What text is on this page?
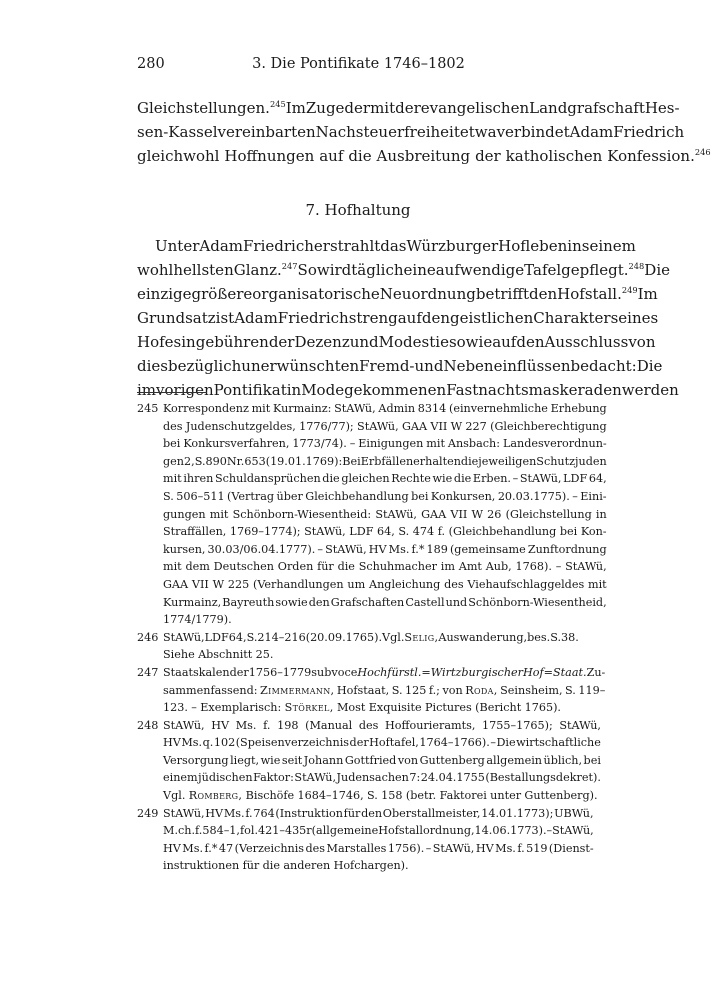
280	3. Die Pontifikate 1746–1802
Gleichstellungen.$^{245}$ Im Zuge der mit der evangelischen Landgrafschaft Hes-
sen-Kassel vereinbarten Nachsteuerfreiheit etwa verbindet Adam Friedrich
gleichwohl Hoffnungen auf die Ausbreitung der katholischen Konfession.$^{246}$
7. Hofhaltung
Unter Adam Friedrich erstrahlt das Würzburger Hofleben in seinem
wohl hellsten Glanz.$^{247}$ So wird täglich eine aufwendige Tafel gepflegt.$^{248}$ Die
einzige größere organisatorische Neuordnung betrifft den Hofstall.$^{249}$ Im
Grundsatz ist Adam Friedrich streng auf den geistlichen Charakter seines
Hofes in gebührender Dezenz und Modestie sowie auf den Ausschluss von
diesbezüglich unerwünschten Fremd- und Nebeneinflüssen bedacht: Die
im vorigen Pontifikat in Mode gekommenen Fastnachtsmaskeraden werden
245 Korrespondenz mit Kurmainz: StAWü, Admin 8314 (einvernehmliche Erhebung
des Judenschutzgeldes, 1776/77); StAWü, GAA VII W 227 (Gleichberechtigung
bei Konkursverfahren, 1773/74). – Einigungen mit Ansbach: Landesverordnun-
gen 2, S. 890 Nr. 653 (19.01.1769): Bei Erbfällen erhalten die jeweiligen Schutzjuden
mit ihren Schuldansprüchen die gleichen Rechte wie die Erben. – StAWü, LDF 64,
S. 506–511 (Vertrag über Gleichbehandlung bei Konkursen, 20.03.1775). – Eini-
gungen mit Schönborn-Wiesentheid: StAWü, GAA VII W 26 (Gleichstellung in
Straffällen, 1769–1774); StAWü, LDF 64, S. 474 f. (Gleichbehandlung bei Kon-
kursen, 30.03/06.04.1777). – StAWü, HV Ms. f.* 189 (gemeinsame Zunftordnung
mit dem Deutschen Orden für die Schuhmacher im Amt Aub, 1768). – StAWü,
GAA VII W 225 (Verhandlungen um Angleichung des Viehaufschlaggeldes mit
Kurmainz, Bayreuth sowie den Grafschaften Castell und Schönborn-Wiesentheid,
1774/1779).
246 StAWü, LDF 64, S. 214–216 (20.09.1765). Vgl. Selig, Auswanderung, bes. S. 38.
Siehe Abschnitt 25.
247 Staatskalender 1756–1779 sub voce Hochfürstl.=Wirtzburgischer Hof=Staat. Zu-
sammenfassend: Zimmermann, Hofstaat, S. 125 f.; von Roda, Seinsheim, S. 119–
123. – Exemplarisch: Störkel, Most Exquisite Pictures (Bericht 1765).
248 StAWü, HV Ms. f. 198 (Manual des Hoffourieramts, 1755–1765); StAWü,
HV Ms. q. 102 (Speisenverzeichnis der Hoftafel, 1764–1766). – Die wirtschaftliche
Versorgung liegt, wie seit Johann Gottfried von Guttenberg allgemein üblich, bei
einem jüdischen Faktor: StAWü, Judensachen 7: 24.04.1755 (Bestallungsdekret).
Vgl. Romberg, Bischöfe 1684–1746, S. 158 (betr. Faktorei unter Guttenberg).
249 StAWü, HV Ms. f. 764 (Instruktion für den Oberstallmeister, 14.01.1773); UBWü,
M. ch. f. 584–1, fol. 421–435r (allgemeine Hofstallordnung, 14.06.1773). – StAWü,
HV Ms. f.* 47 (Verzeichnis des Marstalles 1756). – StAWü, HV Ms. f. 519 (Dienst-
instruktionen für die anderen Hofchargen).
